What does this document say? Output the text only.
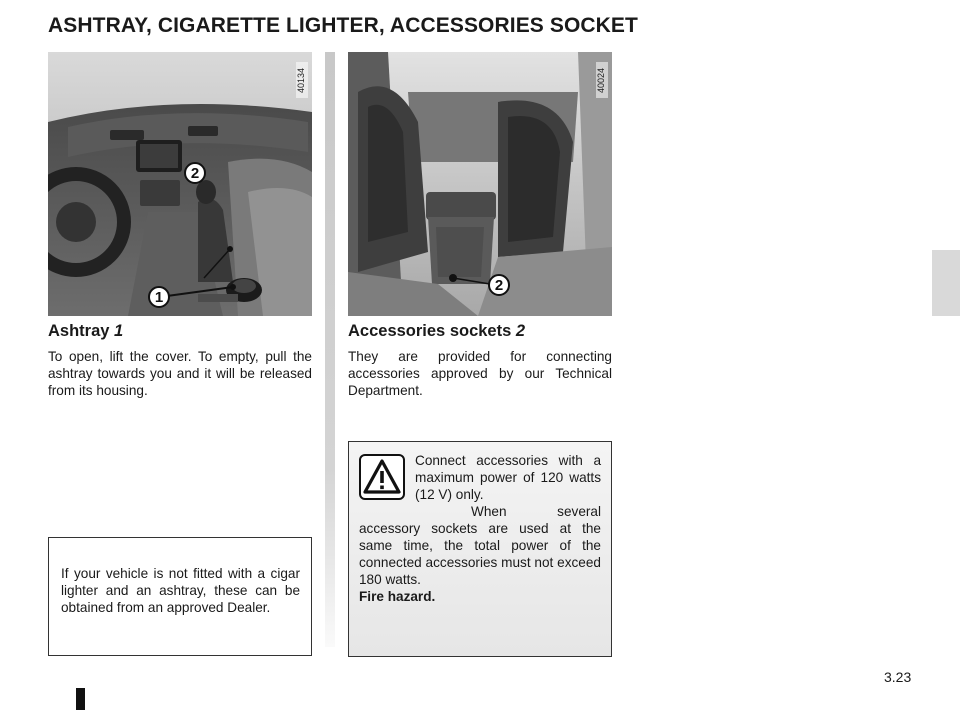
ASHTRAY, CIGARETTE LIGHTER, ACCESSORIES SOCKET
40134
2
1
40024
2
Ashtray 1
To open, lift the cover. To empty, pull the ashtray towards you and it will be released from its housing.
Accessories sockets 2
They are provided for connecting accessories approved by our Technical Department.
If your vehicle is not fitted with a cigar lighter and an ashtray, these can be obtained from an approved Dealer.
Connect accessories with a maximum power of 120 watts (12 V) only.
When several accessory sockets are used at the same time, the total power of the connected accessories must not exceed 180 watts.
Fire hazard.
3.23
